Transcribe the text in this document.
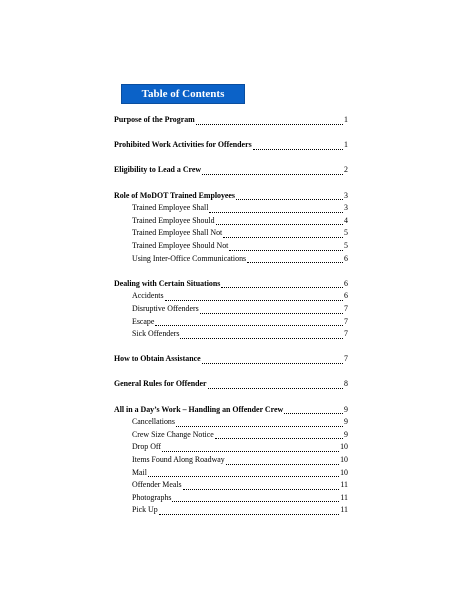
Table of Contents
Purpose of the Program	1
Prohibited Work Activities for Offenders	1
Eligibility to Lead a Crew	2
Role of MoDOT Trained Employees	3
Trained Employee Shall	3
Trained Employee Should	4
Trained Employee Shall Not	5
Trained Employee Should Not	5
Using Inter-Office Communications	6
Dealing with Certain Situations	6
Accidents	6
Disruptive Offenders	7
Escape	7
Sick Offenders	7
How to Obtain Assistance	7
General Rules for Offender	8
All in a Day’s Work – Handling an Offender Crew	9
Cancellations	9
Crew Size Change Notice	9
Drop Off	10
Items Found Along Roadway	10
Mail	10
Offender Meals	11
Photographs	11
Pick Up	11
